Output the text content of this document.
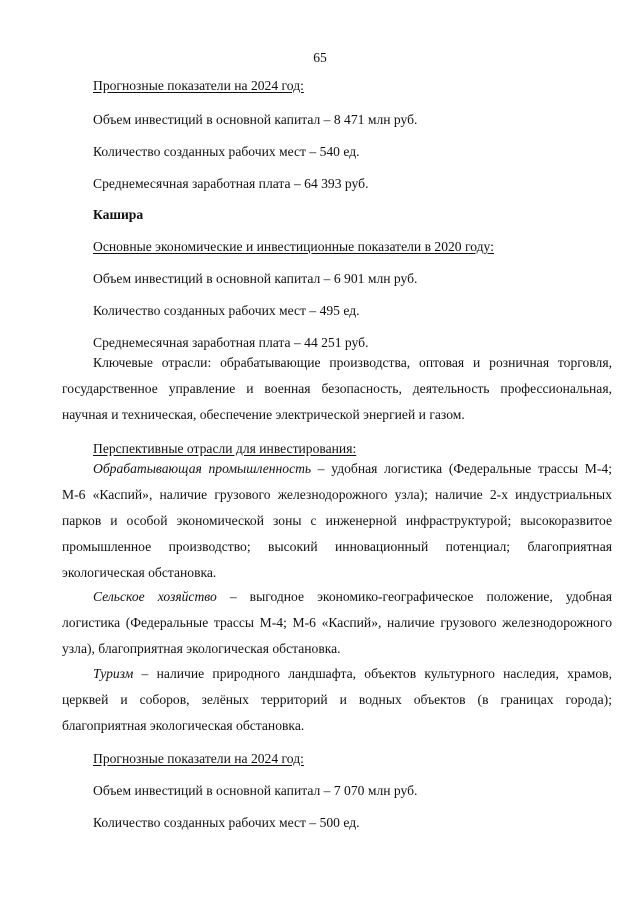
65
Прогнозные показатели на 2024 год:
Объем инвестиций в основной капитал – 8 471 млн руб.
Количество созданных рабочих мест – 540 ед.
Среднемесячная заработная плата – 64 393 руб.
Кашира
Основные экономические и инвестиционные показатели в 2020 году:
Объем инвестиций в основной капитал – 6 901 млн руб.
Количество созданных рабочих мест – 495 ед.
Среднемесячная заработная плата – 44 251 руб.
Ключевые отрасли: обрабатывающие производства, оптовая и розничная торговля, государственное управление и военная безопасность, деятельность профессиональная, научная и техническая, обеспечение электрической энергией и газом.
Перспективные отрасли для инвестирования:
Обрабатывающая промышленность – удобная логистика (Федеральные трассы М-4; М-6 «Каспий», наличие грузового железнодорожного узла); наличие 2-х индустриальных парков и особой экономической зоны с инженерной инфраструктурой; высокоразвитое промышленное производство; высокий инновационный потенциал; благоприятная экологическая обстановка.
Сельское хозяйство – выгодное экономико-географическое положение, удобная логистика (Федеральные трассы М-4; М-6 «Каспий», наличие грузового железнодорожного узла), благоприятная экологическая обстановка.
Туризм – наличие природного ландшафта, объектов культурного наследия, храмов, церквей и соборов, зелёных территорий и водных объектов (в границах города); благоприятная экологическая обстановка.
Прогнозные показатели на 2024 год:
Объем инвестиций в основной капитал – 7 070 млн руб.
Количество созданных рабочих мест – 500 ед.
